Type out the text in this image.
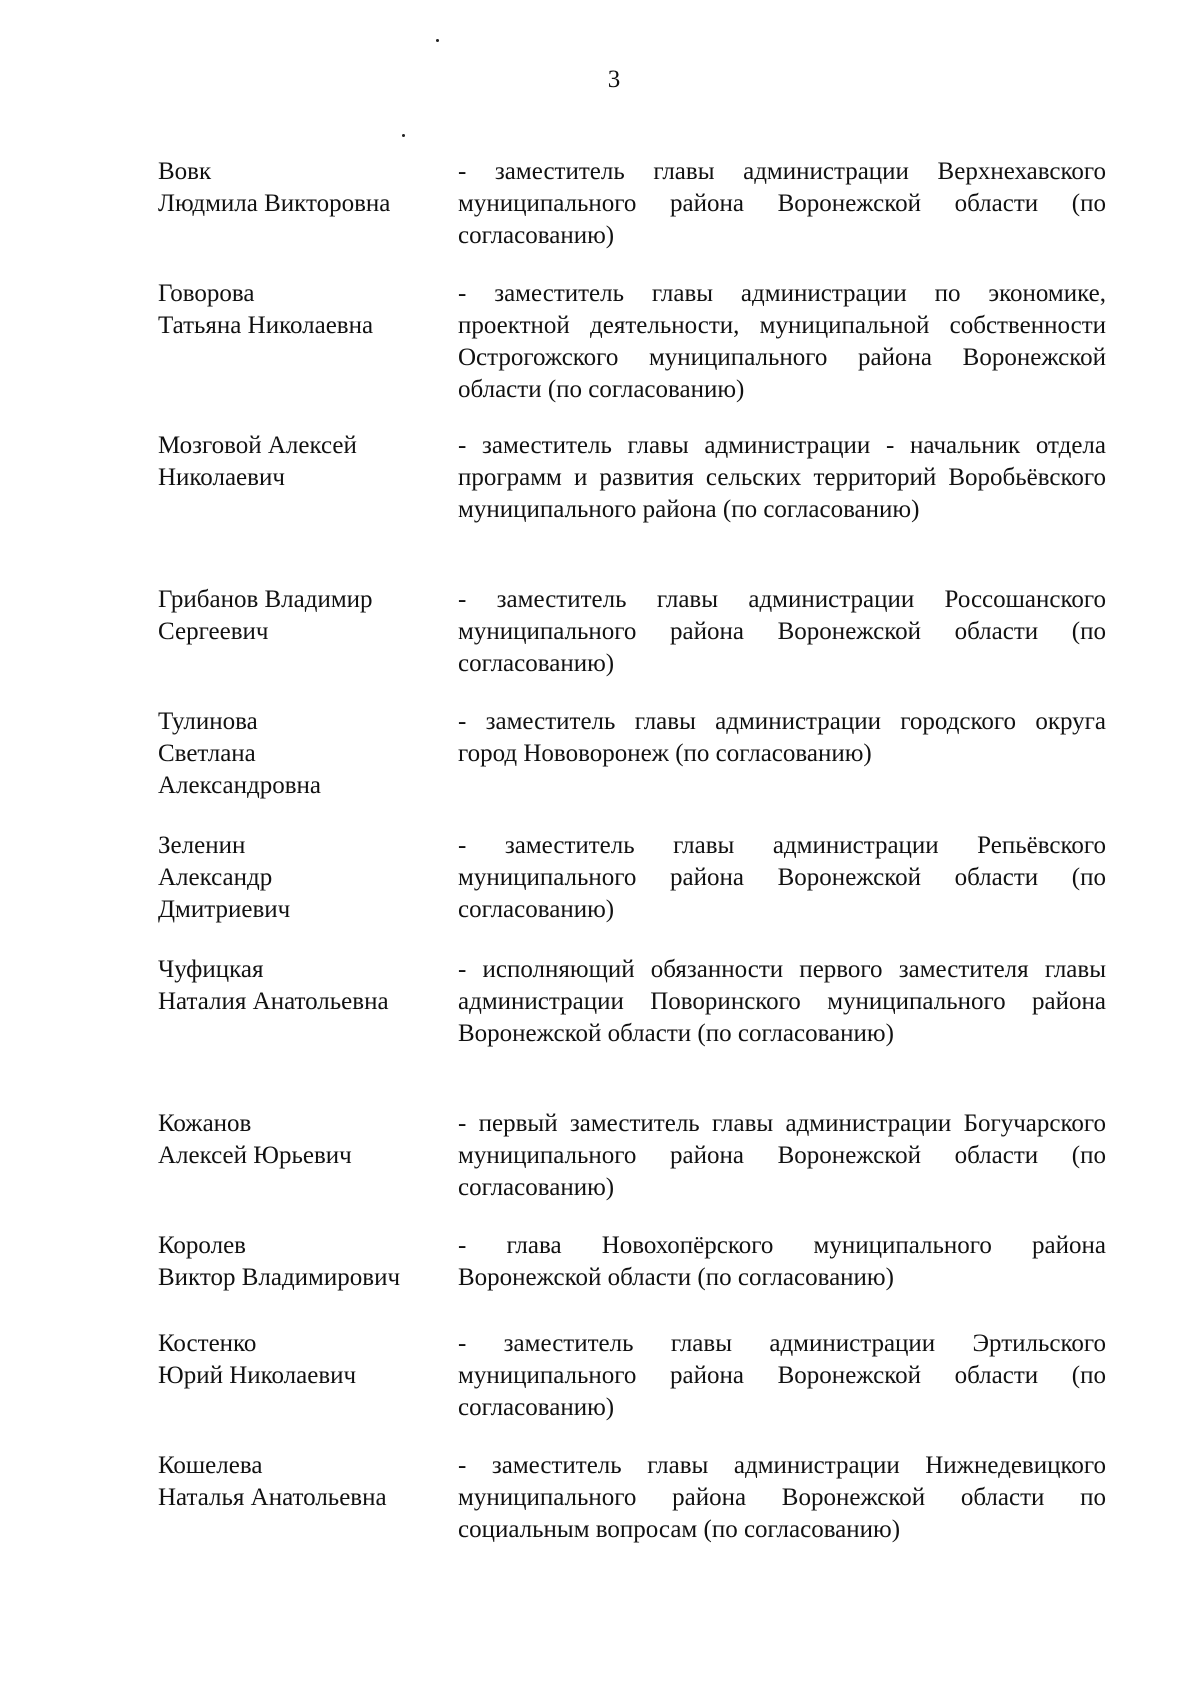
3
Вовк
Людмила Викторовна
- заместитель главы администрации Верхнехавского муниципального района Воронежской области (по согласованию)
Говорова
Татьяна Николаевна
- заместитель главы администрации по экономике, проектной деятельности, муниципальной собственности Острогожского муниципального района Воронежской области (по согласованию)
Мозговой Алексей
Николаевич
- заместитель главы администрации - начальник отдела программ и развития сельских территорий Воробьёвского муниципального района (по согласованию)
Грибанов Владимир
Сергеевич
- заместитель главы администрации Россошанского муниципального района Воронежской области (по согласованию)
Тулинова
Светлана
Александровна
- заместитель главы администрации городского округа город Нововоронеж (по согласованию)
Зеленин
Александр
Дмитриевич
- заместитель главы администрации Репьёвского муниципального района Воронежской области (по согласованию)
Чуфицкая
Наталия Анатольевна
- исполняющий обязанности первого заместителя главы администрации Поворинского муниципального района Воронежской области (по согласованию)
Кожанов
Алексей Юрьевич
- первый заместитель главы администрации Богучарского муниципального района Воронежской области (по согласованию)
Королев
Виктор Владимирович
- глава Новохопёрского муниципального района Воронежской области (по согласованию)
Костенко
Юрий Николаевич
- заместитель главы администрации Эртильского муниципального района Воронежской области (по согласованию)
Кошелева
Наталья Анатольевна
- заместитель главы администрации Нижнедевицкого муниципального района Воронежской области по социальным вопросам (по согласованию)
